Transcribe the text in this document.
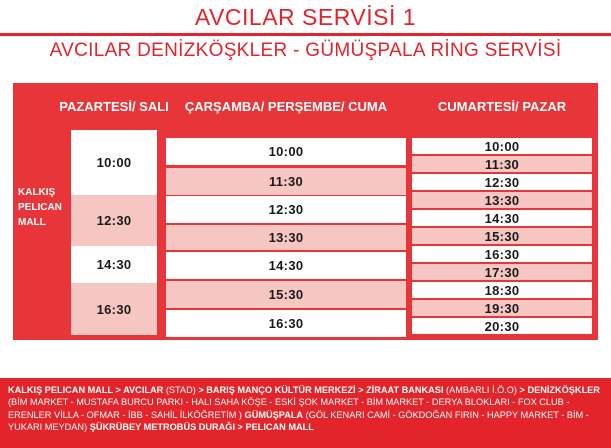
AVCILAR SERVİSİ 1
AVCILAR DENİZKÖŞKLER - GÜMÜŞPALA RİNG SERVİSİ
PAZARTESİ/ SALI	ÇARŞAMBA/ PERŞEMBE/ CUMA	CUMARTESİ/ PAZAR
KALKIŞ
PELICAN
MALL
10:00
12:30
14:30
16:30
10:00
11:30
12:30
13:30
14:30
15:30
16:30
10:00
11:30
12:30
13:30
14:30
15:30
16:30
17:30
18:30
19:30
20:30
KALKIŞ PELICAN MALL > AVCILAR (STAD) > BARIŞ MANÇO KÜLTÜR MERKEZİ > ZİRAAT BANKASI (AMBARLI İ.Ö.O) > DENİZKÖŞKLER (BİM MARKET - MUSTAFA BURCU PARKI - HALI SAHA KÖŞE - ESKİ ŞOK MARKET - BİM MARKET - DERYA BLOKLARI - FOX CLUB - ERENLER VİLLA - OFMAR - İBB - SAHİL İLKÖĞRETİM ) GÜMÜŞPALA (GÖL KENARI CAMİ - GÖKDOĞAN FIRIN - HAPPY MARKET - BİM - YUKARI MEYDAN) ŞÜKRÜBEY METROBÜS DURAĞI > PELICAN MALL
